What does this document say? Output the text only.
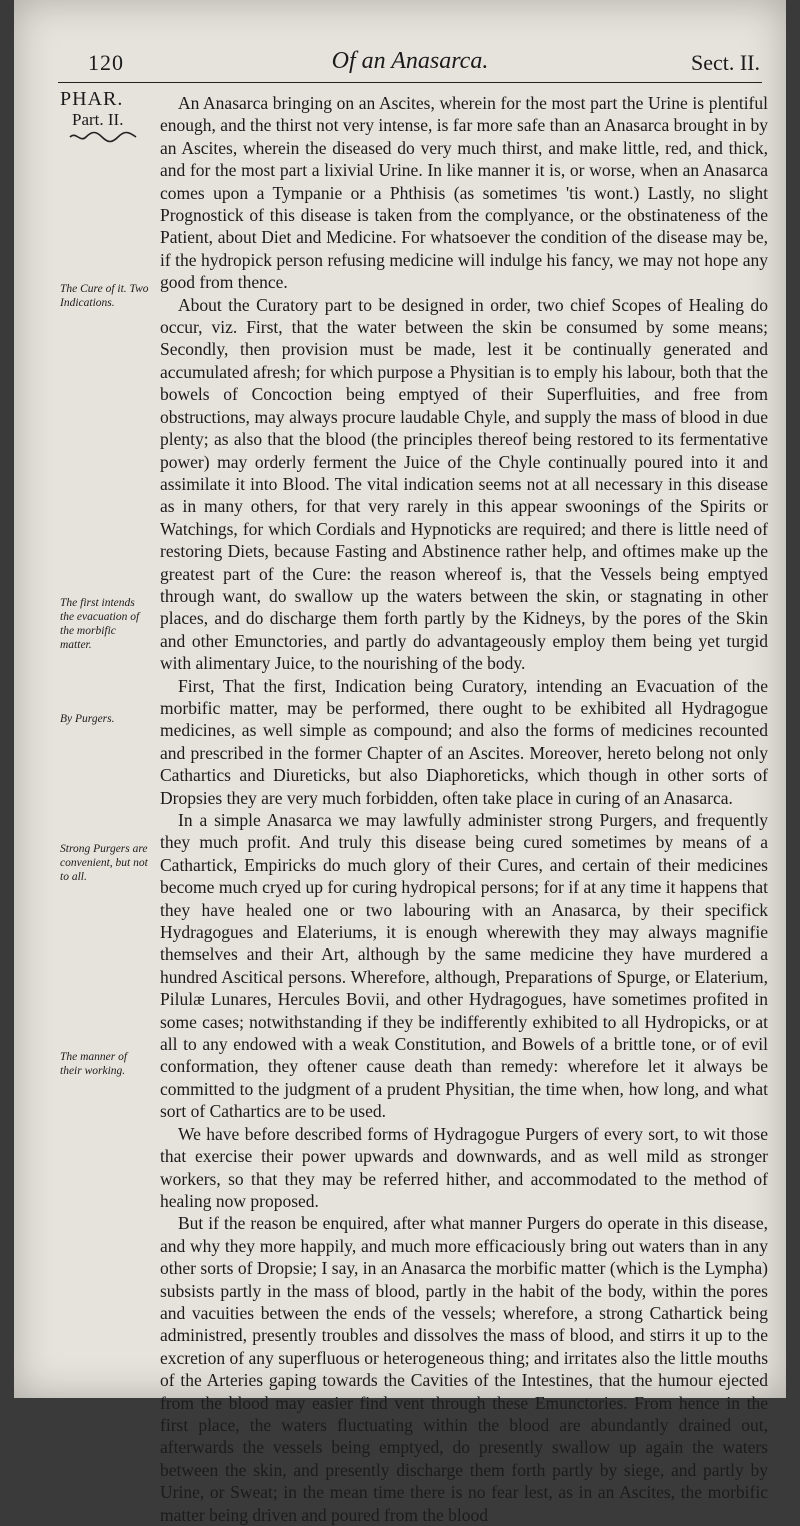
120	Of an Anasarca.	Sect. II.
PHAR.
Part. II.
The Cure of it. Two Indications.
The first intends the evacuation of the morbific matter.
By Purgers.
Strong Purgers are convenient, but not to all.
The manner of their working.

An Anasarca bringing on an Ascites, wherein for the most part the Urine is plentiful enough, and the thirst not very intense, is far more safe than an Anasarca brought in by an Ascites, wherein the diseased do very much thirst, and make little, red, and thick, and for the most part a lixivial Urine. In like manner it is, or worse, when an Anasarca comes upon a Tympanie or a Phthisis (as sometimes 'tis wont.) Lastly, no slight Prognostick of this disease is taken from the complyance, or the obstinateness of the Patient, about Diet and Medicine. For whatsoever the condition of the disease may be, if the hydropick person refusing medicine will indulge his fancy, we may not hope any good from thence.

About the Curatory part to be designed in order, two chief Scopes of Healing do occur, viz. First, that the water between the skin be consumed by some means; Secondly, then provision must be made, lest it be continually generated and accumulated afresh; for which purpose a Physitian is to emply his labour, both that the bowels of Concoction being emptyed of their Superfluities, and free from obstructions, may always procure laudable Chyle, and supply the mass of blood in due plenty; as also that the blood (the principles thereof being restored to its fermentative power) may orderly ferment the Juice of the Chyle continually poured into it and assimilate it into Blood. The vital indication seems not at all necessary in this disease as in many others, for that very rarely in this appear swoonings of the Spirits or Watchings, for which Cordials and Hypnoticks are required; and there is little need of restoring Diets, because Fasting and Abstinence rather help, and oftimes make up the greatest part of the Cure: the reason whereof is, that the Vessels being emptyed through want, do swallow up the waters between the skin, or stagnating in other places, and do discharge them forth partly by the Kidneys, by the pores of the Skin and other Emunctories, and partly do advantageously employ them being yet turgid with alimentary Juice, to the nourishing of the body.

First, That the first, Indication being Curatory, intending an Evacuation of the morbific matter, may be performed, there ought to be exhibited all Hydragogue medicines, as well simple as compound; and also the forms of medicines recounted and prescribed in the former Chapter of an Ascites. Moreover, hereto belong not only Cathartics and Diureticks, but also Diaphoreticks, which though in other sorts of Dropsies they are very much forbidden, often take place in curing of an Anasarca.

In a simple Anasarca we may lawfully administer strong Purgers, and frequently they much profit. And truly this disease being cured sometimes by means of a Cathartick, Empiricks do much glory of their Cures, and certain of their medicines become much cryed up for curing hydropical persons; for if at any time it happens that they have healed one or two labouring with an Anasarca, by their specifick Hydragogues and Elateriums, it is enough wherewith they may always magnifie themselves and their Art, although by the same medicine they have murdered a hundred Ascitical persons. Wherefore, although, Preparations of Spurge, or Elaterium, Pilulæ Lunares, Hercules Bovii, and other Hydragogues, have sometimes profited in some cases; notwithstanding if they be indifferently exhibited to all Hydropicks, or at all to any endowed with a weak Constitution, and Bowels of a brittle tone, or of evil conformation, they oftener cause death than remedy: wherefore let it always be committed to the judgment of a prudent Physitian, the time when, how long, and what sort of Cathartics are to be used.

We have before described forms of Hydragogue Purgers of every sort, to wit those that exercise their power upwards and downwards, and as well mild as stronger workers, so that they may be referred hither, and accommodated to the method of healing now proposed.

But if the reason be enquired, after what manner Purgers do operate in this disease, and why they more happily, and much more efficaciously bring out waters than in any other sorts of Dropsie; I say, in an Anasarca the morbific matter (which is the Lympha) subsists partly in the mass of blood, partly in the habit of the body, within the pores and vacuities between the ends of the vessels; wherefore, a strong Cathartick being administred, presently troubles and dissolves the mass of blood, and stirrs it up to the excretion of any superfluous or heterogeneous thing; and irritates also the little mouths of the Arteries gaping towards the Cavities of the Intestines, that the humour ejected from the blood may easier find vent through these Emunctories. From hence in the first place, the waters fluctuating within the blood are abundantly drained out, afterwards the vessels being emptyed, do presently swallow up again the waters between the skin, and presently discharge them forth partly by siege, and partly by Urine, or Sweat; in the mean time there is no fear lest, as in an Ascites, the morbific matter being driven and poured from the blood
